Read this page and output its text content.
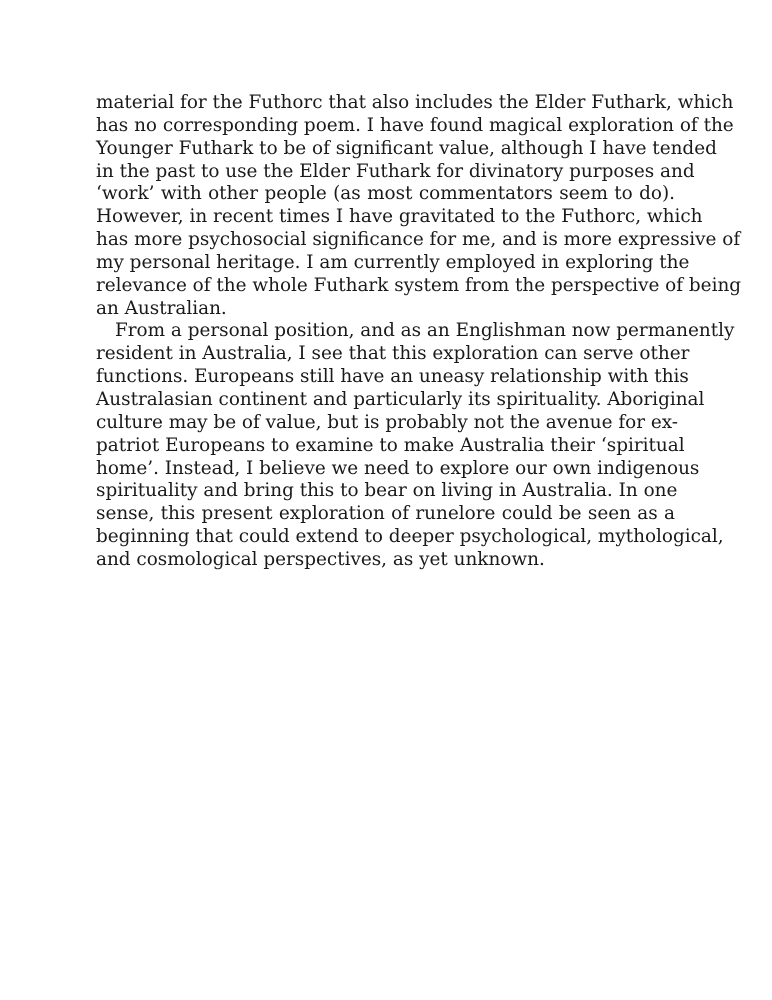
material for the Futhorc that also includes the Elder Futhark, which
has no corresponding poem. I have found magical exploration of the
Younger Futhark to be of significant value, although I have tended
in the past to use the Elder Futhark for divinatory purposes and
‘work’ with other people (as most commentators seem to do).
However, in recent times I have gravitated to the Futhorc, which
has more psychosocial significance for me, and is more expressive of
my personal heritage. I am currently employed in exploring the
relevance of the whole Futhark system from the perspective of being
an Australian.
From a personal position, and as an Englishman now permanently
resident in Australia, I see that this exploration can serve other
functions. Europeans still have an uneasy relationship with this
Australasian continent and particularly its spirituality. Aboriginal
culture may be of value, but is probably not the avenue for ex-
patriot Europeans to examine to make Australia their ‘spiritual
home’. Instead, I believe we need to explore our own indigenous
spirituality and bring this to bear on living in Australia. In one
sense, this present exploration of runelore could be seen as a
beginning that could extend to deeper psychological, mythological,
and cosmological perspectives, as yet unknown.
